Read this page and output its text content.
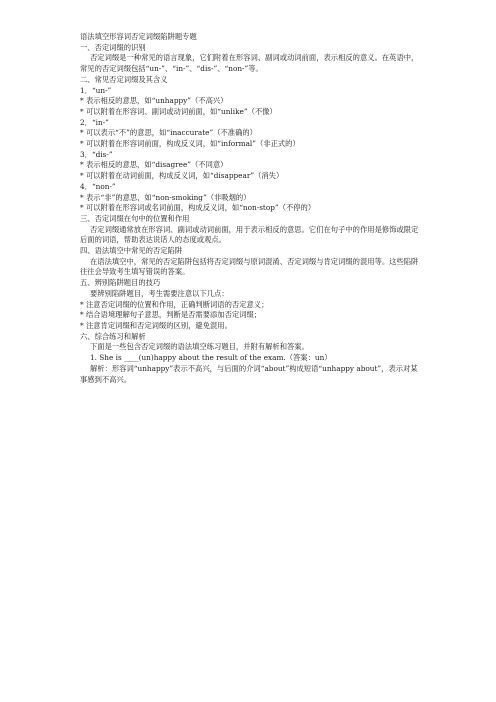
语法填空形容词否定词缀陷阱题专题

一、否定词缀的识别

否定词缀是一种常见的语言现象，它们附着在形容词、副词或动词前面，表示相反的意义。在英语中，常见的否定词缀包括“un-”、“in-”、“dis-”、“non-”等。

二、常见否定词缀及其含义

1．“un-”

* 表示相反的意思，如“unhappy”（不高兴）

* 可以附着在形容词、副词或动词前面，如“unlike”（不像）

2．“in-”

* 可以表示“不”的意思，如“inaccurate”（不准确的）

* 可以附着在形容词前面，构成反义词，如“informal”（非正式的）

3．“dis-”

* 表示相反的意思，如“disagree”（不同意）

* 可以附着在动词前面，构成反义词，如“disappear”（消失）

4．“non-”

* 表示“非”的意思，如“non-smoking”（非吸烟的）

* 可以附着在形容词或名词前面，构成反义词，如“non-stop”（不停的）

三、否定词缀在句中的位置和作用

否定词缀通常放在形容词、副词或动词前面，用于表示相反的意思。它们在句子中的作用是修饰或限定后面的词语，帮助表达说话人的态度或观点。

四、语法填空中常见的否定陷阱

在语法填空中，常见的否定陷阱包括将否定词缀与原词混淆、否定词缀与肯定词缀的混用等。这些陷阱往往会导致考生填写错误的答案。

五、辨别陷阱题目的技巧

要辨别陷阱题目，考生需要注意以下几点：

* 注意否定词缀的位置和作用，正确判断词语的否定意义；

* 结合语境理解句子意思，判断是否需要添加否定词缀；

* 注意肯定词缀和否定词缀的区别，避免混用。

六、综合练习和解析

下面是一些包含否定词缀的语法填空练习题目，并附有解析和答案。

1. She is ____(un)happy about the result of the exam.（答案：un）

解析：形容词“unhappy”表示不高兴，与后面的介词“about”构成短语“unhappy about”，表示对某事感到不高兴。
